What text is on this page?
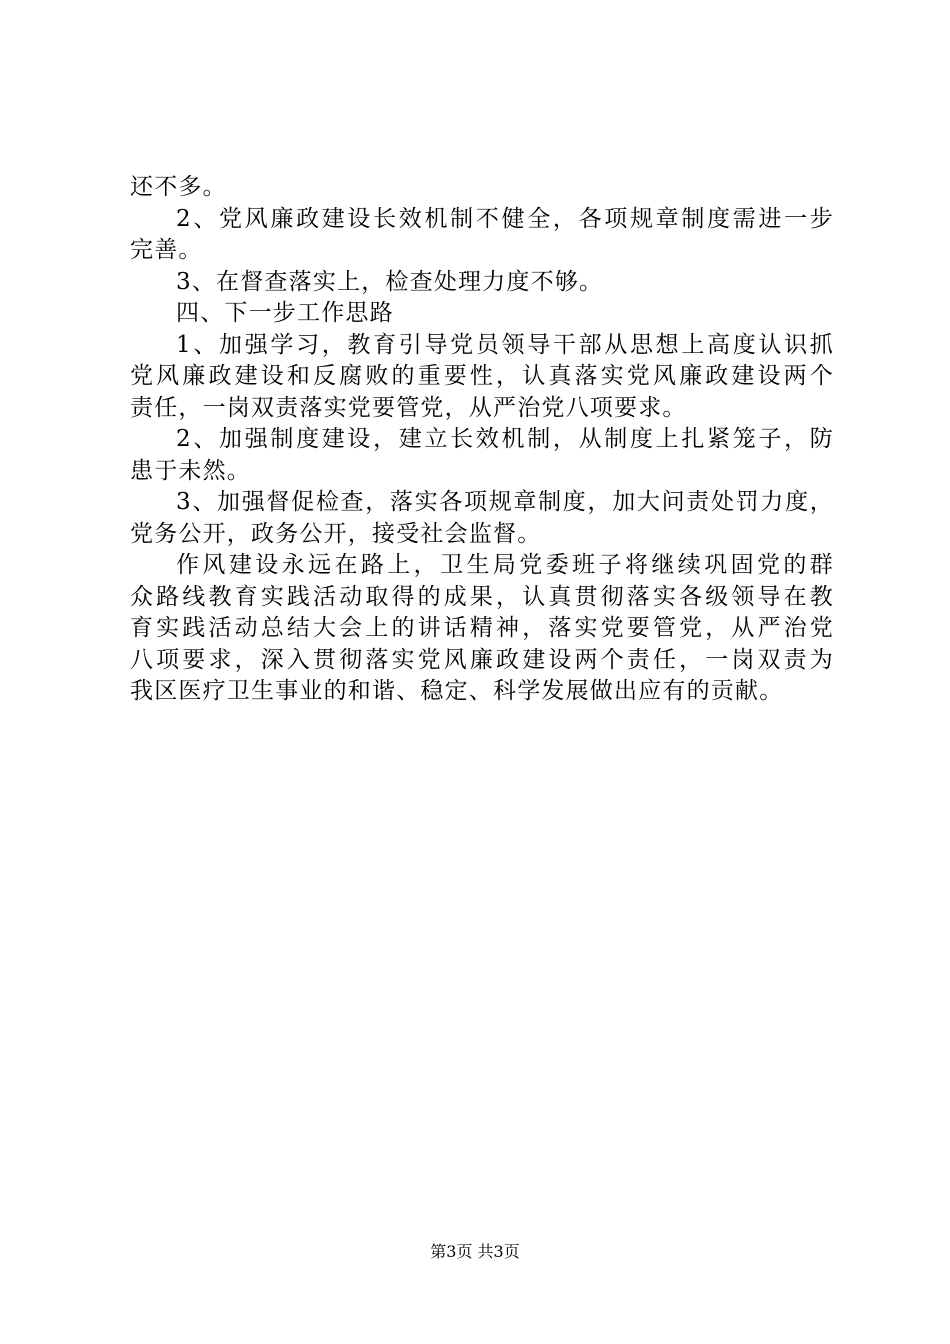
还不多。
2、党风廉政建设长效机制不健全，各项规章制度需进一步
完善。
3、在督查落实上，检查处理力度不够。
四、下一步工作思路
1、加强学习，教育引导党员领导干部从思想上高度认识抓
党风廉政建设和反腐败的重要性，认真落实党风廉政建设两个
责任，一岗双责落实党要管党，从严治党八项要求。
2、加强制度建设，建立长效机制，从制度上扎紧笼子，防
患于未然。
3、加强督促检查，落实各项规章制度，加大问责处罚力度，
党务公开，政务公开，接受社会监督。
作风建设永远在路上，卫生局党委班子将继续巩固党的群
众路线教育实践活动取得的成果，认真贯彻落实各级领导在教
育实践活动总结大会上的讲话精神，落实党要管党，从严治党
八项要求，深入贯彻落实党风廉政建设两个责任，一岗双责为
我区医疗卫生事业的和谐、稳定、科学发展做出应有的贡献。
第3页 共3页
